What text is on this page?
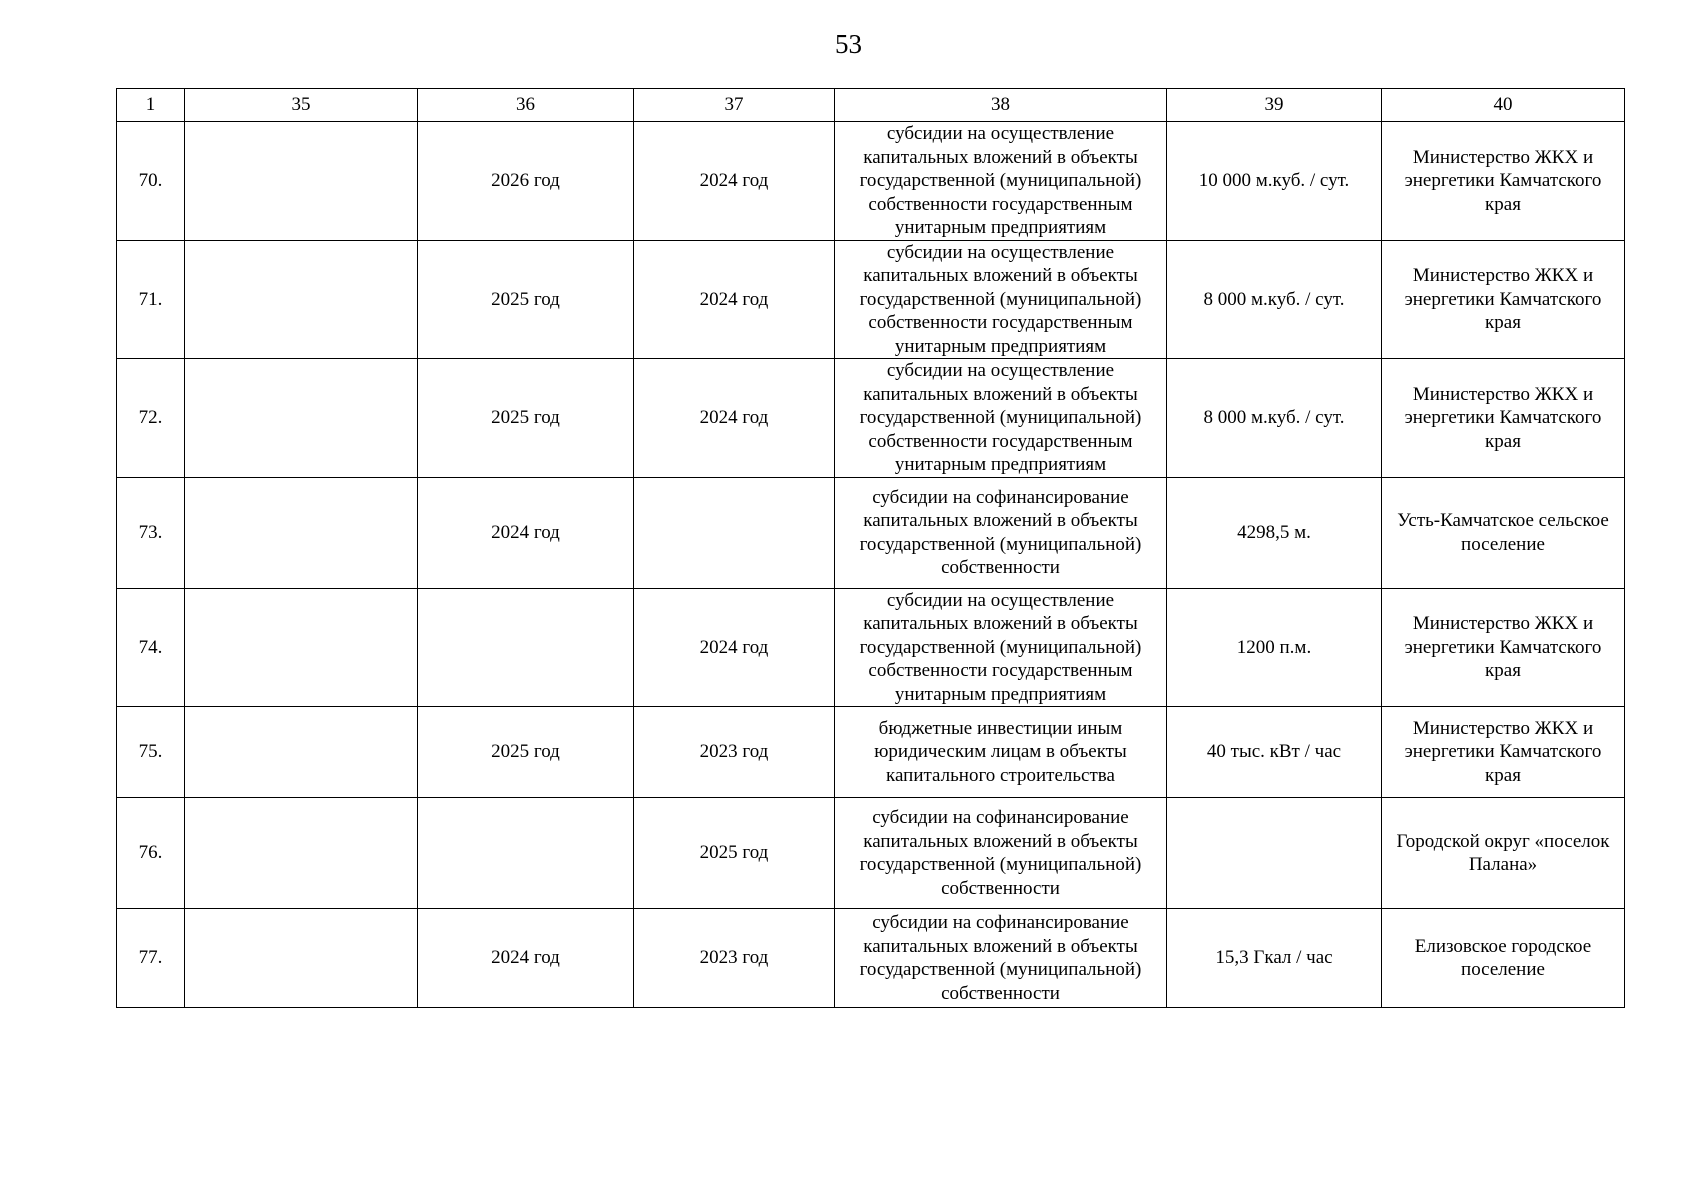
53
1	35	36	37	38	39	40
70.		2026 год	2024 год	субсидии на осуществление капитальных вложений в объекты государственной (муниципальной) собственности государственным унитарным предприятиям	10 000 м.куб. / сут.	Министерство ЖКХ и энергетики Камчатского края
71.		2025 год	2024 год	субсидии на осуществление капитальных вложений в объекты государственной (муниципальной) собственности государственным унитарным предприятиям	8 000 м.куб. / сут.	Министерство ЖКХ и энергетики Камчатского края
72.		2025 год	2024 год	субсидии на осуществление капитальных вложений в объекты государственной (муниципальной) собственности государственным унитарным предприятиям	8 000 м.куб. / сут.	Министерство ЖКХ и энергетики Камчатского края
73.		2024 год		субсидии на софинансирование капитальных вложений в объекты государственной (муниципальной) собственности	4298,5 м.	Усть-Камчатское сельское поселение
74.			2024 год	субсидии на осуществление капитальных вложений в объекты государственной (муниципальной) собственности государственным унитарным предприятиям	1200 п.м.	Министерство ЖКХ и энергетики Камчатского края
75.		2025 год	2023 год	бюджетные инвестиции иным юридическим лицам в объекты капитального строительства	40 тыс. кВт / час	Министерство ЖКХ и энергетики Камчатского края
76.			2025 год	субсидии на софинансирование капитальных вложений в объекты государственной (муниципальной) собственности		Городской округ «поселок Палана»
77.		2024 год	2023 год	субсидии на софинансирование капитальных вложений в объекты государственной (муниципальной) собственности	15,3 Гкал / час	Елизовское городское поселение
